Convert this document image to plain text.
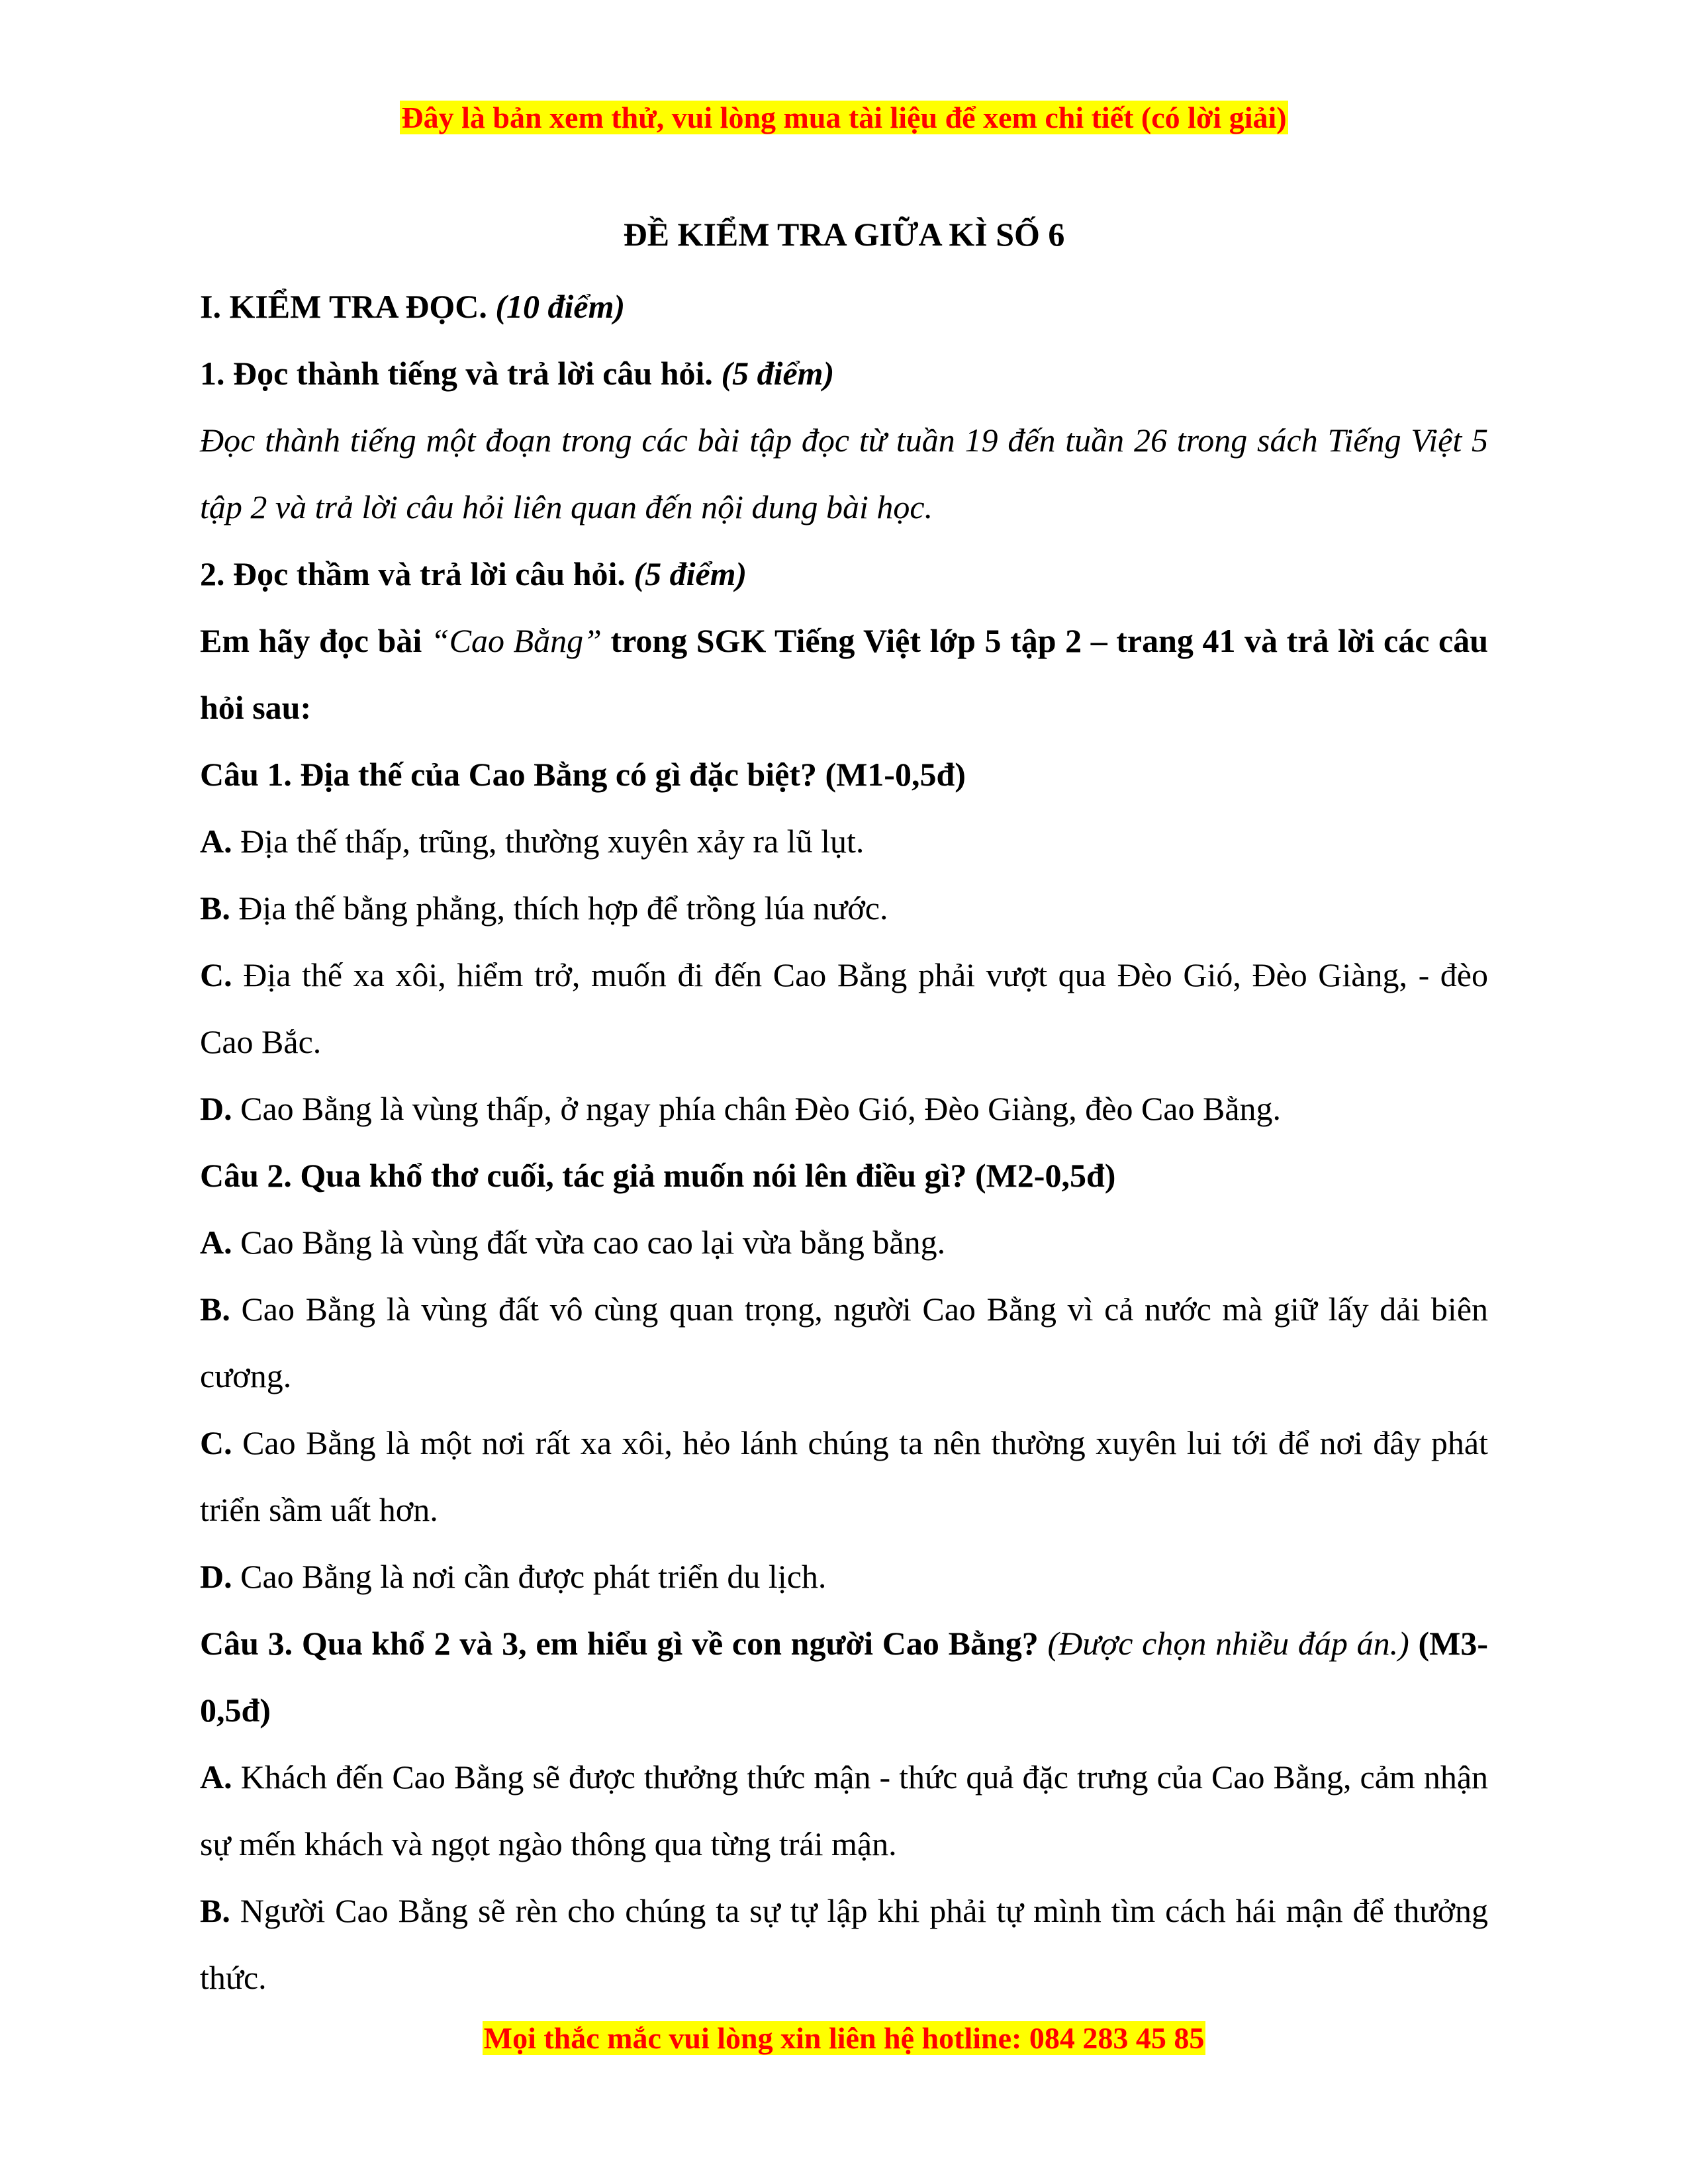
Đây là bản xem thử, vui lòng mua tài liệu để xem chi tiết (có lời giải)

ĐỀ KIỂM TRA GIỮA KÌ SỐ 6

I. KIỂM TRA ĐỌC. (10 điểm)

1. Đọc thành tiếng và trả lời câu hỏi. (5 điểm)

Đọc thành tiếng một đoạn trong các bài tập đọc từ tuần 19 đến tuần 26 trong sách Tiếng Việt 5 tập 2 và trả lời câu hỏi liên quan đến nội dung bài học.

2. Đọc thầm và trả lời câu hỏi. (5 điểm)

Em hãy đọc bài “Cao Bằng” trong SGK Tiếng Việt lớp 5 tập 2 – trang 41 và trả lời các câu hỏi sau:

Câu 1. Địa thế của Cao Bằng có gì đặc biệt? (M1-0,5đ)

A. Địa thế thấp, trũng, thường xuyên xảy ra lũ lụt.

B. Địa thế bằng phẳng, thích hợp để trồng lúa nước.

C. Địa thế xa xôi, hiểm trở, muốn đi đến Cao Bằng phải vượt qua Đèo Gió, Đèo Giàng, - đèo Cao Bắc.

D. Cao Bằng là vùng thấp, ở ngay phía chân Đèo Gió, Đèo Giàng, đèo Cao Bằng.

Câu 2. Qua khổ thơ cuối, tác giả muốn nói lên điều gì? (M2-0,5đ)

A. Cao Bằng là vùng đất vừa cao cao lại vừa bằng bằng.

B. Cao Bằng là vùng đất vô cùng quan trọng, người Cao Bằng vì cả nước mà giữ lấy dải biên cương.

C. Cao Bằng là một nơi rất xa xôi, hẻo lánh chúng ta nên thường xuyên lui tới để nơi đây phát triển sầm uất hơn.

D. Cao Bằng là nơi cần được phát triển du lịch.

Câu 3. Qua khổ 2 và 3, em hiểu gì về con người Cao Bằng? (Được chọn nhiều đáp án.) (M3-0,5đ)

A. Khách đến Cao Bằng sẽ được thưởng thức mận - thức quả đặc trưng của Cao Bằng, cảm nhận sự mến khách và ngọt ngào thông qua từng trái mận.

B. Người Cao Bằng sẽ rèn cho chúng ta sự tự lập khi phải tự mình tìm cách hái mận để thưởng thức.

Mọi thắc mắc vui lòng xin liên hệ hotline: 084 283 45 85
